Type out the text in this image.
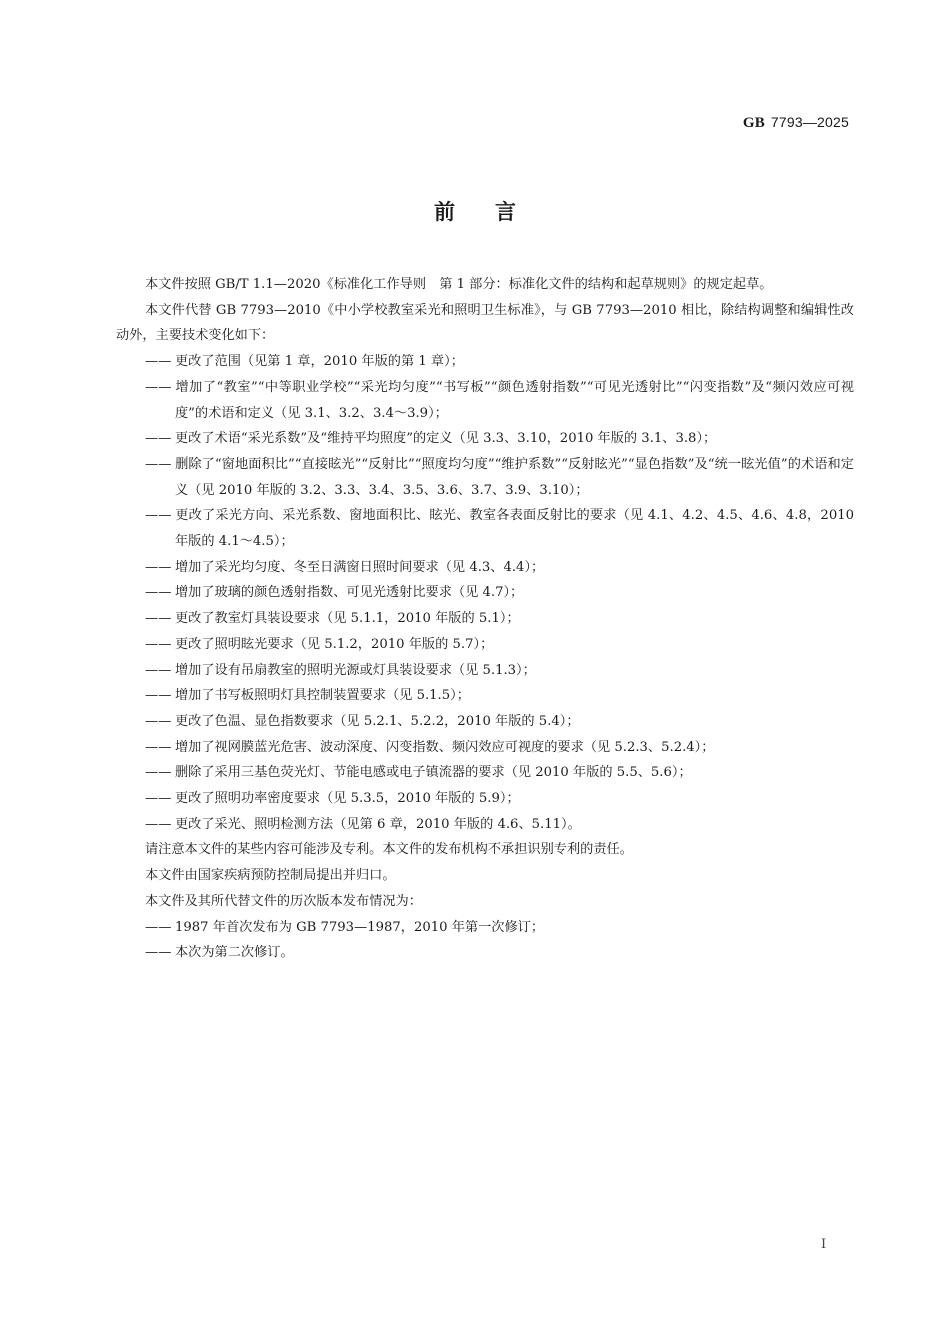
GB 7793—2025
前言

本文件按照 GB/T 1.1—2020《标准化工作导则　第 1 部分：标准化文件的结构和起草规则》的规定起草。

本文件代替 GB 7793—2010《中小学校教室采光和照明卫生标准》，与 GB 7793—2010 相比，除结构调整和编辑性改动外，主要技术变化如下：

—— 更改了范围（见第 1 章，2010 年版的第 1 章）；

—— 增加了“教室”“中等职业学校”“采光均匀度”“书写板”“颜色透射指数”“可见光透射比”“闪变指数”及“频闪效应可视度”的术语和定义（见 3.1、3.2、3.4～3.9）；

—— 更改了术语“采光系数”及“维持平均照度”的定义（见 3.3、3.10，2010 年版的 3.1、3.8）；

—— 删除了“窗地面积比”“直接眩光”“反射比”“照度均匀度”“维护系数”“反射眩光”“显色指数”及“统一眩光值”的术语和定义（见 2010 年版的 3.2、3.3、3.4、3.5、3.6、3.7、3.9、3.10）；

—— 更改了采光方向、采光系数、窗地面积比、眩光、教室各表面反射比的要求（见 4.1、4.2、4.5、4.6、4.8，2010 年版的 4.1～4.5）；

—— 增加了采光均匀度、冬至日满窗日照时间要求（见 4.3、4.4）；

—— 增加了玻璃的颜色透射指数、可见光透射比要求（见 4.7）；

—— 更改了教室灯具装设要求（见 5.1.1，2010 年版的 5.1）；

—— 更改了照明眩光要求（见 5.1.2，2010 年版的 5.7）；

—— 增加了设有吊扇教室的照明光源或灯具装设要求（见 5.1.3）；

—— 增加了书写板照明灯具控制装置要求（见 5.1.5）；

—— 更改了色温、显色指数要求（见 5.2.1、5.2.2，2010 年版的 5.4）；

—— 增加了视网膜蓝光危害、波动深度、闪变指数、频闪效应可视度的要求（见 5.2.3、5.2.4）；

—— 删除了采用三基色荧光灯、节能电感或电子镇流器的要求（见 2010 年版的 5.5、5.6）；

—— 更改了照明功率密度要求（见 5.3.5，2010 年版的 5.9）；

—— 更改了采光、照明检测方法（见第 6 章，2010 年版的 4.6、5.11）。

请注意本文件的某些内容可能涉及专利。本文件的发布机构不承担识别专利的责任。

本文件由国家疾病预防控制局提出并归口。

本文件及其所代替文件的历次版本发布情况为：

—— 1987 年首次发布为 GB 7793—1987，2010 年第一次修订；

—— 本次为第二次修订。

I
